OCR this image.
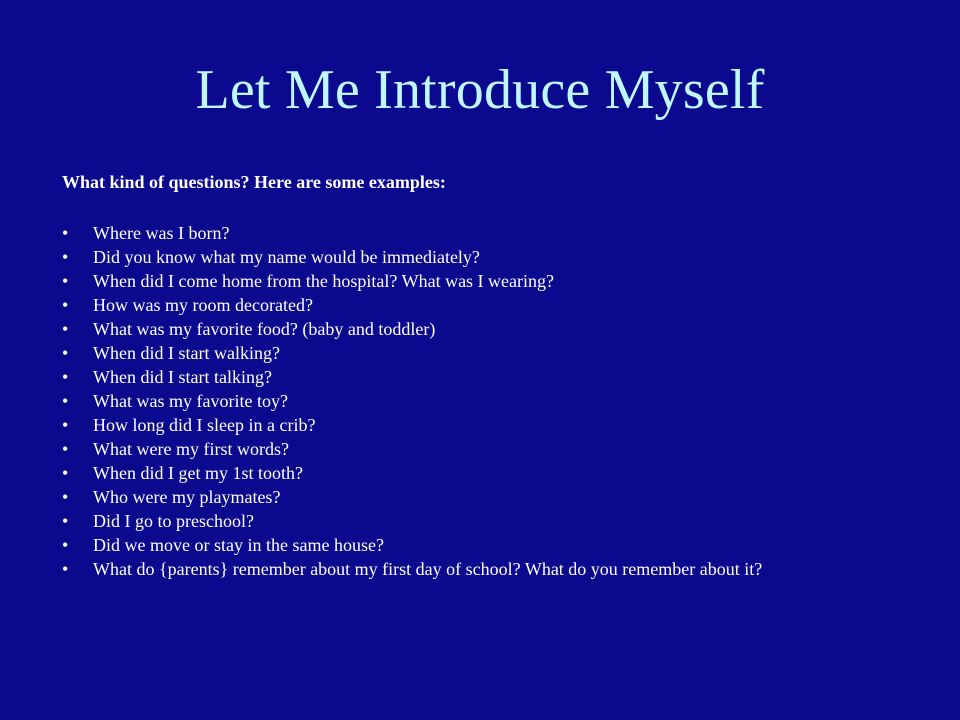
Let Me Introduce Myself
What kind of questions? Here are some examples:
•	Where was I born?
•	Did you know what my name would be immediately?
•	When did I come home from the hospital? What was I wearing?
•	How was my room decorated?
•	What was my favorite food? (baby and toddler)
•	When did I start walking?
•	When did I start talking?
•	What was my favorite toy?
•	How long did I sleep in a crib?
•	What were my first words?
•	When did I get my 1st tooth?
•	Who were my playmates?
•	Did I go to preschool?
•	Did we move or stay in the same house?
•	What do {parents} remember about my first day of school? What do you remember about it?
